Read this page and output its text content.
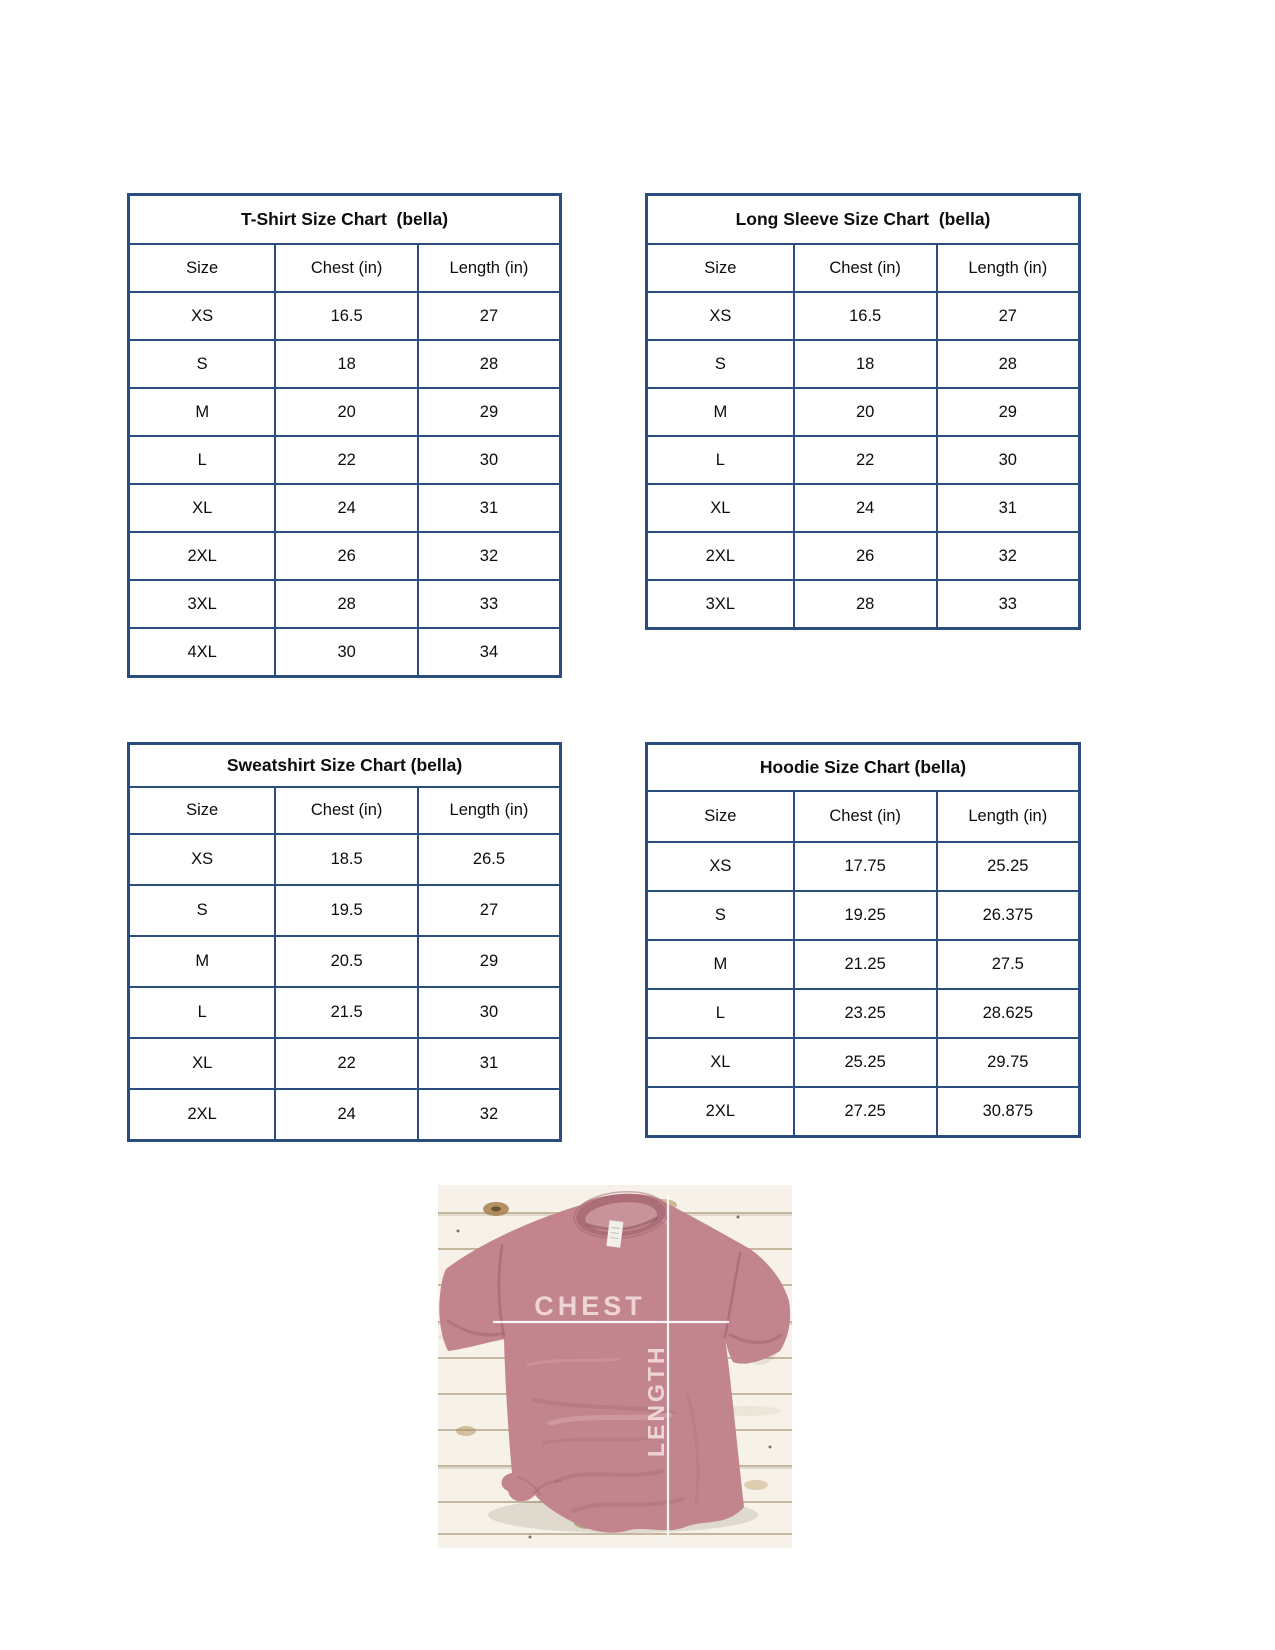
T-Shirt Size Chart  (bella)		
Size	Chest (in)	Length (in)
XS	16.5	27
S	18	28
M	20	29
L	22	30
XL	24	31
2XL	26	32
3XL	28	33
4XL	30	34
Long Sleeve Size Chart  (bella)		
Size	Chest (in)	Length (in)
XS	16.5	27
S	18	28
M	20	29
L	22	30
XL	24	31
2XL	26	32
3XL	28	33
Sweatshirt Size Chart (bella)		
Size	Chest (in)	Length (in)
XS	18.5	26.5
S	19.5	27
M	20.5	29
L	21.5	30
XL	22	31
2XL	24	32
Hoodie Size Chart (bella)		
Size	Chest (in)	Length (in)
XS	17.75	25.25
S	19.25	26.375
M	21.25	27.5
L	23.25	28.625
XL	25.25	29.75
2XL	27.25	30.875
CHEST
LENGTH
